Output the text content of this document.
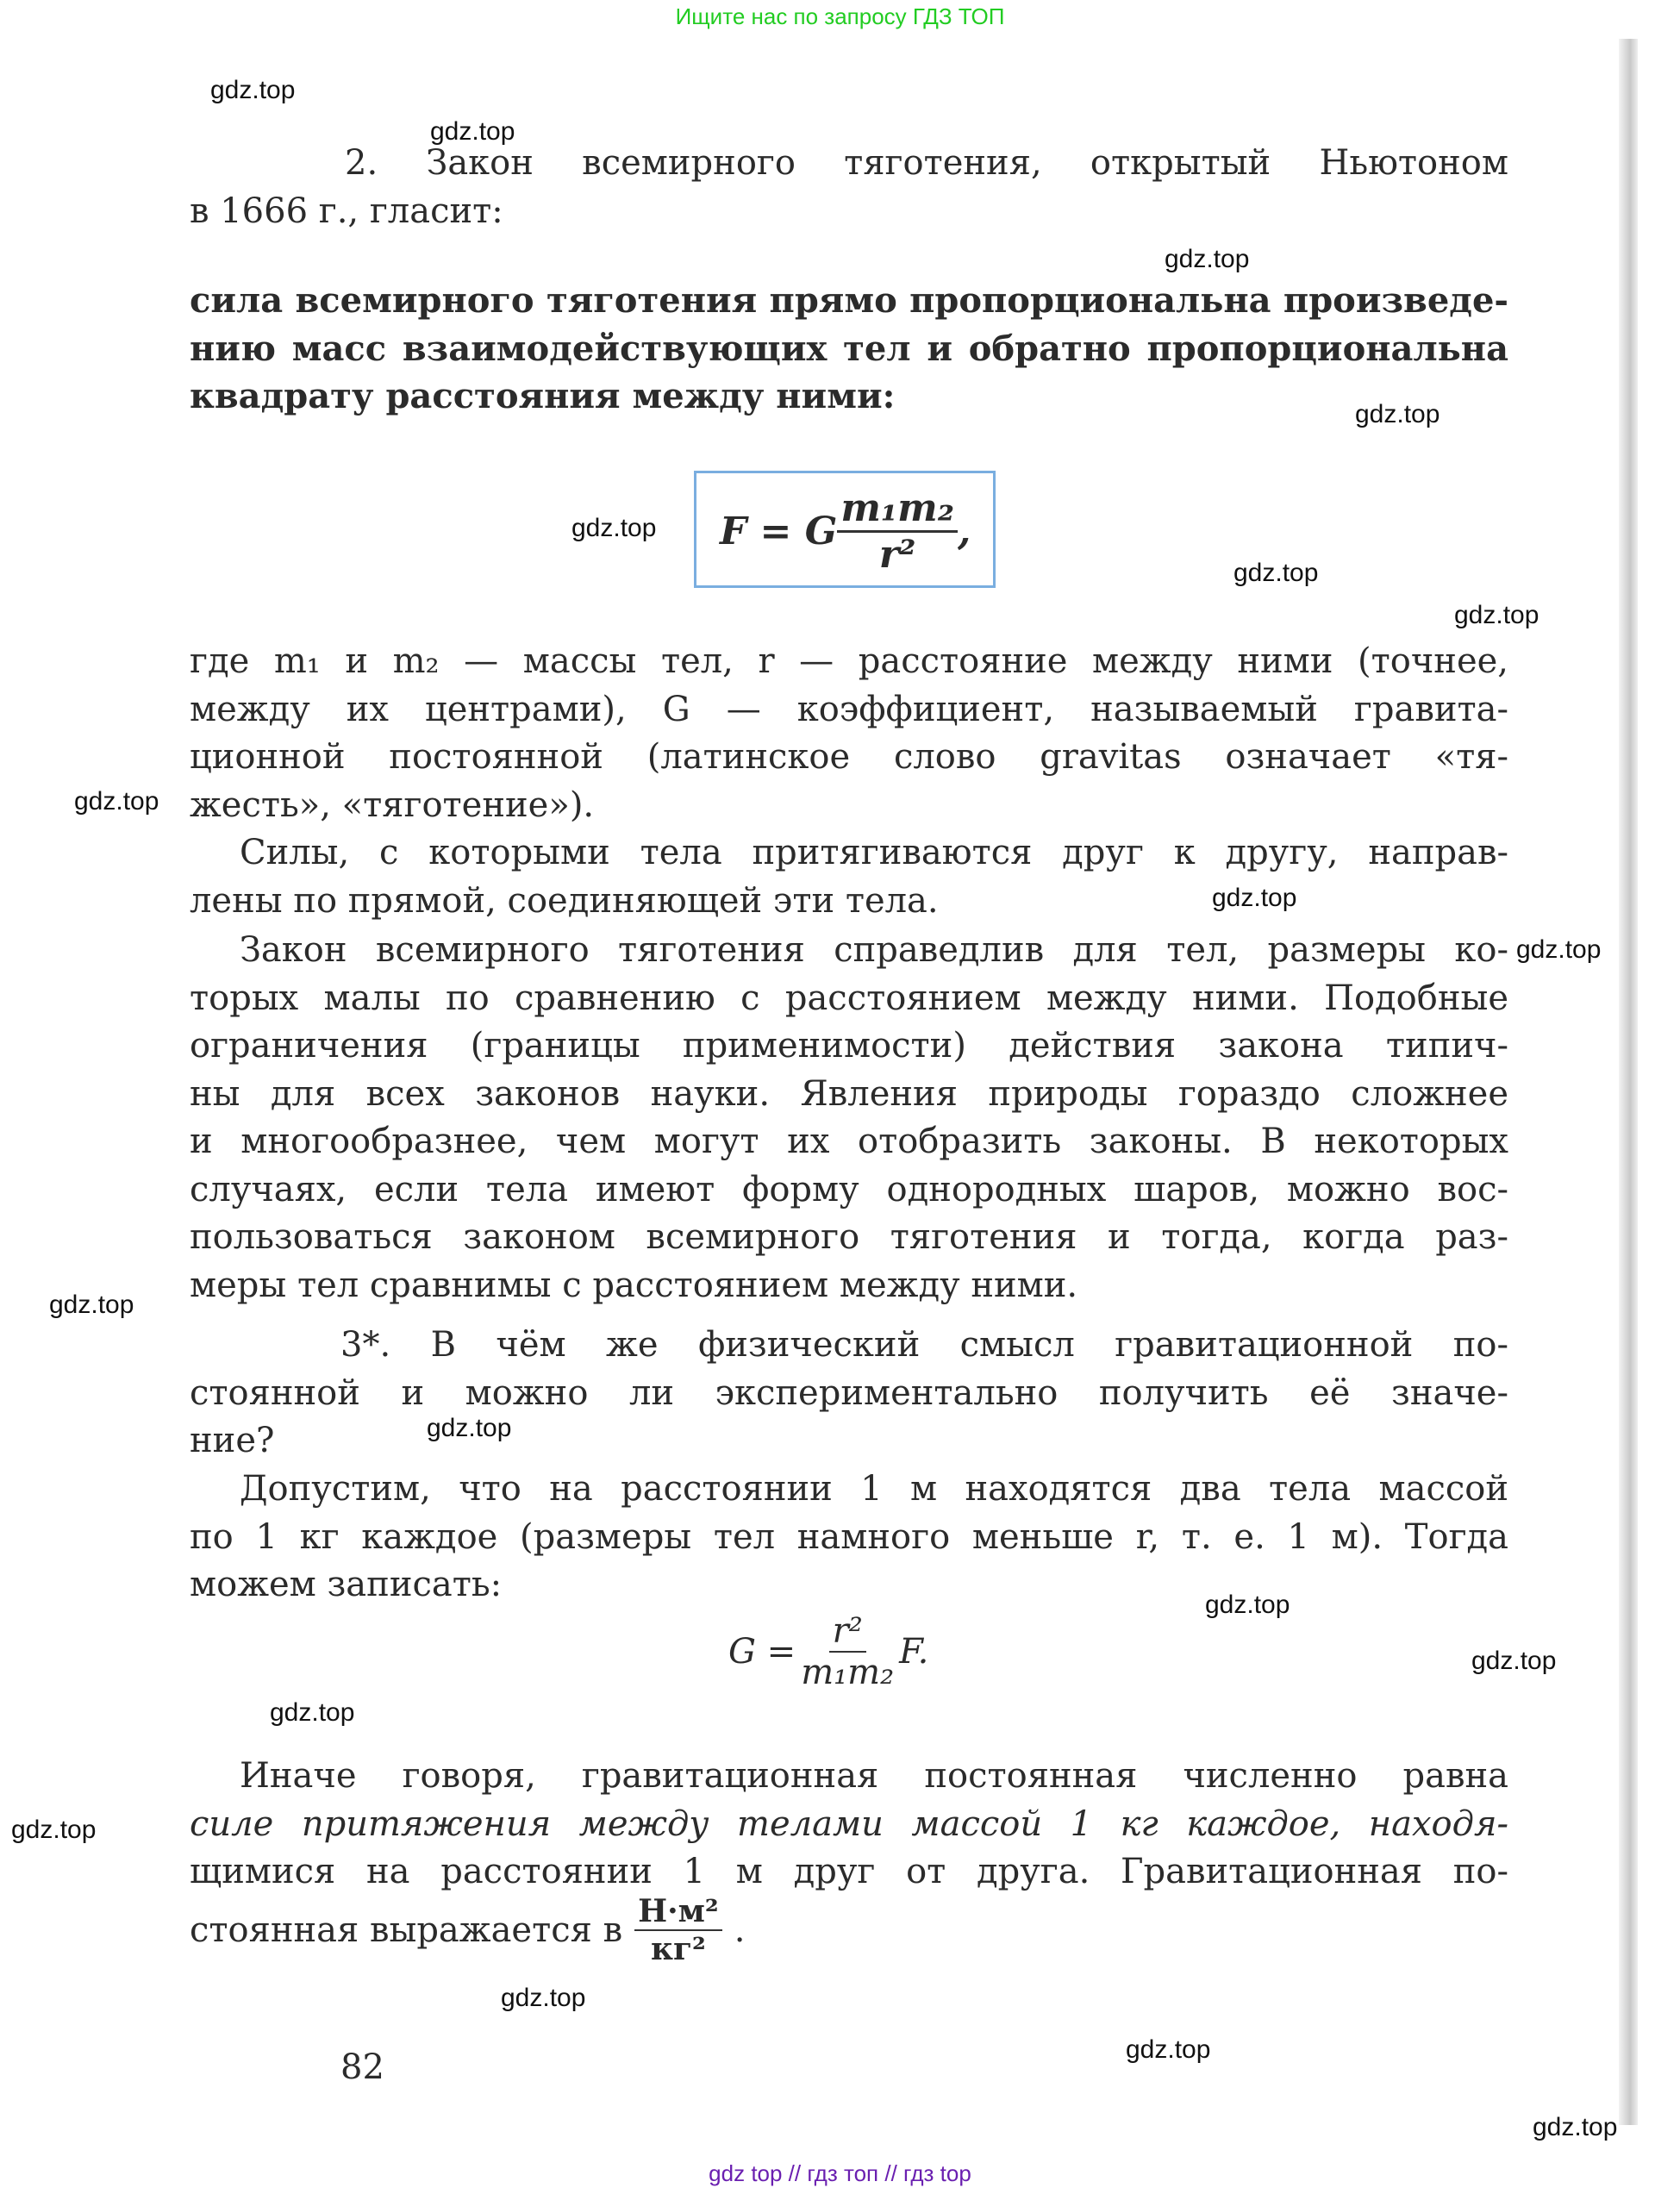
Ищите нас по запросу ГДЗ ТОП
2. Закон всемирного тяготения, открытый Ньютоном
в 1666 г., гласит:
сила всемирного тяготения прямо пропорциональна произведе-
нию масс взаимодействующих тел и обратно пропорциональна
квадрату расстояния между ними:
F = G $\frac{\text{m₁m₂}}{\text{r²}}$ ,
где m₁ и m₂ — массы тел, r — расстояние между ними (точнее,
между их центрами), G — коэффициент, называемый гравита-
ционной постоянной (латинское слово gravitas означает «тя-
жесть», «тяготение»).
Силы, с которыми тела притягиваются друг к другу, направ-
лены по прямой, соединяющей эти тела.
Закон всемирного тяготения справедлив для тел, размеры ко-
торых малы по сравнению с расстоянием между ними. Подобные
ограничения (границы применимости) действия закона типич-
ны для всех законов науки. Явления природы гораздо сложнее
и многообразнее, чем могут их отобразить законы. В некоторых
случаях, если тела имеют форму однородных шаров, можно вос-
пользоваться законом всемирного тяготения и тогда, когда раз-
меры тел сравнимы с расстоянием между ними.
3*. В чём же физический смысл гравитационной по-
стоянной и можно ли экспериментально получить её значе-
ние?
Допустим, что на расстоянии 1 м находятся два тела массой
по 1 кг каждое (размеры тел намного меньше r, т. е. 1 м). Тогда
можем записать:
$G = \frac{\text{r²}}{\text{m₁m₂}} F$.
Иначе говоря, гравитационная постоянная численно равна
силе притяжения между телами массой 1 кг каждое, находя-
щимися на расстоянии 1 м друг от друга. Гравитационная по-
стоянная выражается в $\frac{\text{Н·м²}}{\text{кг²}}$ .
82
gdz.top
gdz.top
gdz.top
gdz.top
gdz.top
gdz.top
gdz.top
gdz.top
gdz.top
gdz.top
gdz.top
gdz.top
gdz.top
gdz.top
gdz.top
gdz.top
gdz.top
gdz.top
gdz.top
gdz top // гдз топ // гдз top
